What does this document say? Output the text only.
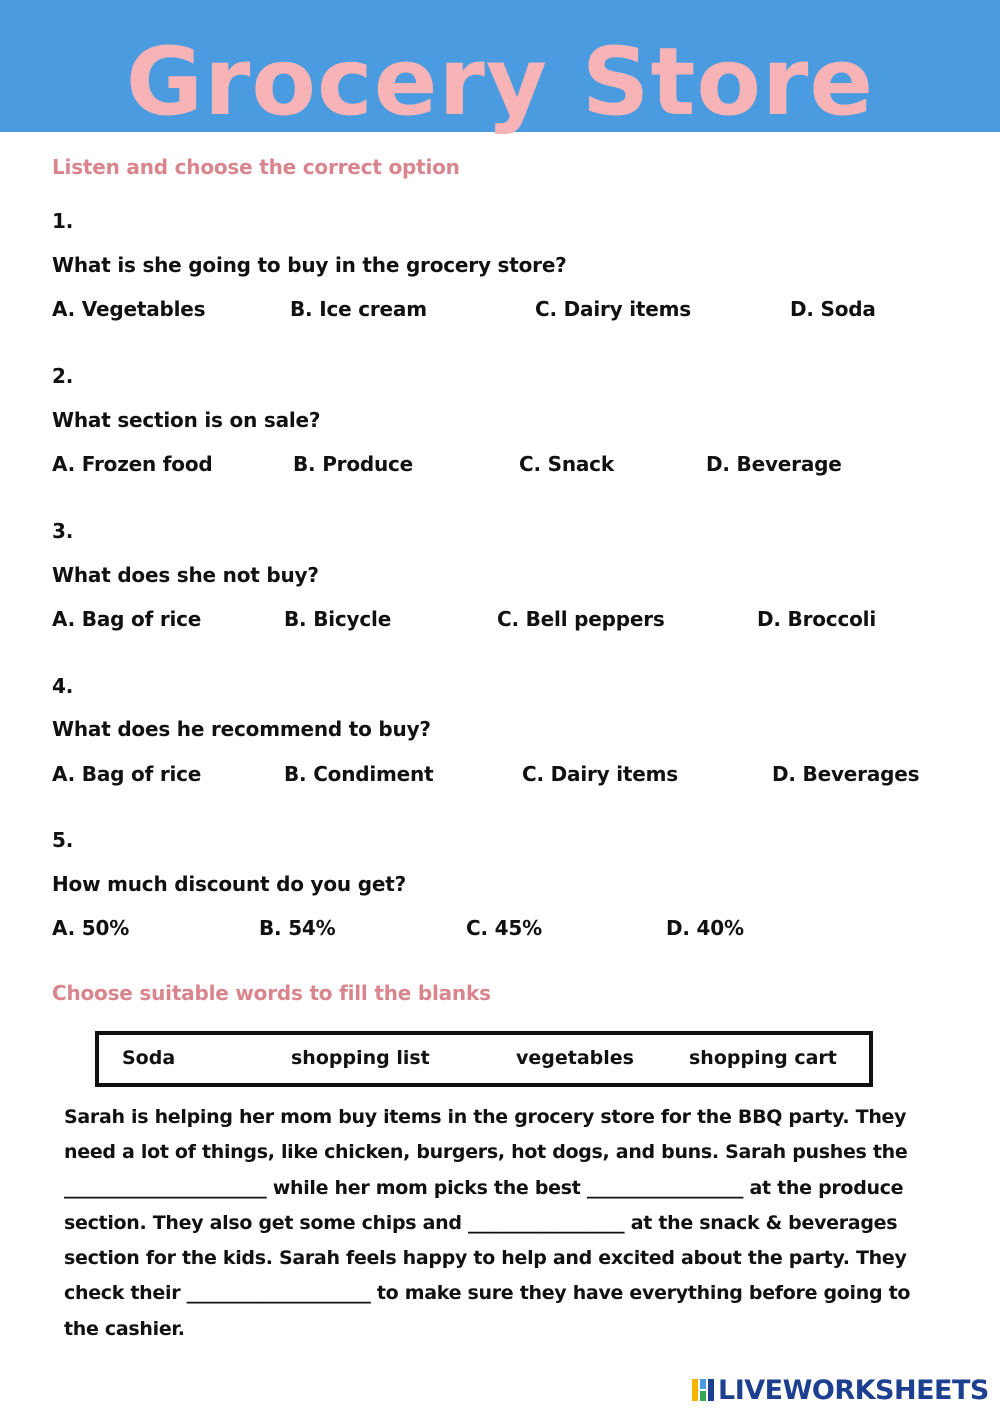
Grocery Store
Listen and choose the correct option
1.
What is she going to buy in the grocery store?
A. Vegetables	B. Ice cream	C. Dairy items	D. Soda
2.
What section is on sale?
A. Frozen food	B. Produce	C. Snack	D. Beverage
3.
What does she not buy?
A. Bag of rice	B. Bicycle	C. Bell peppers	D. Broccoli
4.
What does he recommend to buy?
A. Bag of rice	B. Condiment	C. Dairy items	D. Beverages
5.
How much discount do you get?
A. 50%	B. 54%	C. 45%	D. 40%
Choose suitable words to fill the blanks
Soda	shopping list	vegetables	shopping cart
Sarah is helping her mom buy items in the grocery store for the BBQ party. They need a lot of things, like chicken, burgers, hot dogs, and buns. Sarah pushes the ______________________ while her mom picks the best _________________ at the produce section. They also get some chips and _________________ at the snack & beverages section for the kids. Sarah feels happy to help and excited about the party. They check their ____________________ to make sure they have everything before going to the cashier.
LIVEWORKSHEETS
